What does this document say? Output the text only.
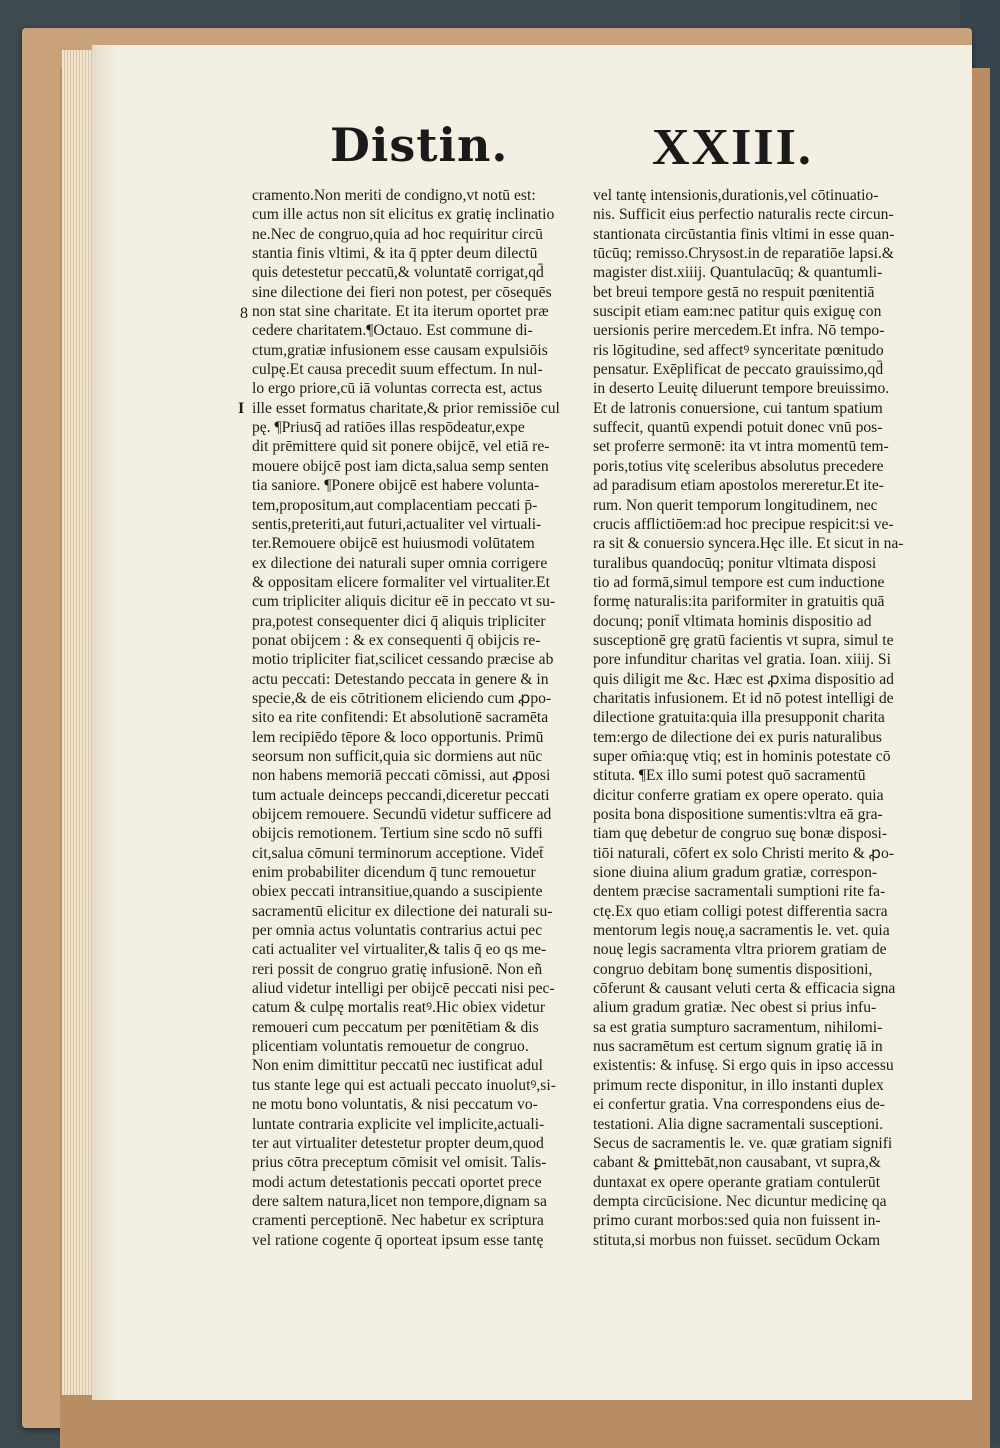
Distin.	XXIII.
8
I
cramento.Non meriti de condigno,vt notū est:
cum ille actus non sit elicitus ex gratię inclinatio
ne.Nec de congruo,quia ad hoc requiritur circū
stantia finis vltimi, & ita q̄ ppter deum dilectū
quis detestetur peccatū,& voluntatē corrigat,qd̄
sine dilectione dei fieri non potest, per cōsequēs
non stat sine charitate. Et ita iterum oportet præ
cedere charitatem.¶Octauo. Est commune di-
ctum,gratiæ infusionem esse causam expulsiōis
culpę.Et causa precedit suum effectum. In nul-
lo ergo priore,cū iā voluntas correcta est, actus
ille esset formatus charitate,& prior remissiōe cul
pę. ¶Priusq̄ ad ratiōes illas respōdeatur,expe
dit prēmittere quid sit ponere obijcē, vel etiā re-
mouere obijcē post iam dicta,salua semp senten
tia saniore. ¶Ponere obijcē est habere volunta-
tem,propositum,aut complacentiam peccati p̄-
sentis,preteriti,aut futuri,actualiter vel virtuali-
ter.Remouere obijcē est huiusmodi volūtatem
ex dilectione dei naturali super omnia corrigere
& oppositam elicere formaliter vel virtualiter.Et
cum tripliciter aliquis dicitur eē in peccato vt su-
pra,potest consequenter dici q̄ aliquis tripliciter
ponat obijcem : & ex consequenti q̄ obijcis re-
motio tripliciter fiat,scilicet cessando præcise ab
actu peccati: Detestando peccata in genere & in
specie,& de eis cōtritionem eliciendo cum ꝓpo-
sito ea rite confitendi: Et absolutionē sacramēta
lem recipiēdo tēpore & loco opportunis. Primū
seorsum non sufficit,quia sic dormiens aut nūc
non habens memoriā peccati cōmissi, aut ꝓposi
tum actuale deinceps peccandi,diceretur peccati
obijcem remouere. Secundū videtur sufficere ad
obijcis remotionem. Tertium sine scdo nō suffi
cit,salua cōmuni terminorum acceptione. Videt̄
enim probabiliter dicendum q̄ tunc remouetur
obiex peccati intransitiue,quando a suscipiente
sacramentū elicitur ex dilectione dei naturali su-
per omnia actus voluntatis contrarius actui pec
cati actualiter vel virtualiter,& talis q̄ eo qs me-
reri possit de congruo gratię infusionē. Non eñ
aliud videtur intelligi per obijcē peccati nisi pec-
catum & culpę mortalis reatꝰ.Hic obiex videtur
remoueri cum peccatum per pœnitētiam & dis
plicentiam voluntatis remouetur de congruo.
Non enim dimittitur peccatū nec iustificat adul
tus stante lege qui est actuali peccato inuolutꝰ,si-
ne motu bono voluntatis, & nisi peccatum vo-
luntate contraria explicite vel implicite,actuali-
ter aut virtualiter detestetur propter deum,quod
prius cōtra preceptum cōmisit vel omisit. Talis-
modi actum detestationis peccati oportet prece
dere saltem natura,licet non tempore,dignam sa
cramenti perceptionē. Nec habetur ex scriptura
vel ratione cogente q̄ oporteat ipsum esse tantę
vel tantę intensionis,durationis,vel cōtinuatio-
nis. Sufficit eius perfectio naturalis recte circun-
stantionata circūstantia finis vltimi in esse quan-
tūcūq; remisso.Chrysost.in de reparatiōe lapsi.&
magister dist.xiiij. Quantulacūq; & quantumli-
bet breui tempore gestā no respuit pœnitentiā
suscipit etiam eam:nec patitur quis exiguę con
uersionis perire mercedem.Et infra. Nō tempo-
ris lōgitudine, sed affectꝰ synceritate pœnitudo
pensatur. Exēplificat de peccato grauissimo,qd̄
in deserto Leuitę diluerunt tempore breuissimo.
Et de latronis conuersione, cui tantum spatium
suffecit, quantū expendi potuit donec vnū pos-
set proferre sermonē: ita vt intra momentū tem-
poris,totius vitę sceleribus absolutus precedere
ad paradisum etiam apostolos mereretur.Et ite-
rum. Non querit temporum longitudinem, nec
crucis afflictiōem:ad hoc precipue respicit:si ve-
ra sit & conuersio syncera.Hęc ille. Et sicut in na-
turalibus quandocūq; ponitur vltimata disposi
tio ad formā,simul tempore est cum inductione
formę naturalis:ita pariformiter in gratuitis quā
docunq; ponit̄ vltimata hominis dispositio ad
susceptionē grę gratū facientis vt supra, simul te
pore infunditur charitas vel gratia. Ioan. xiiij. Si
quis diligit me &c. Hæc est ꝓxima dispositio ad
charitatis infusionem. Et id nō potest intelligi de
dilectione gratuita:quia illa presupponit charita
tem:ergo de dilectione dei ex puris naturalibus
super om̄ia:quę vtiq; est in hominis potestate cō
stituta. ¶Ex illo sumi potest quō sacramentū
dicitur conferre gratiam ex opere operato. quia
posita bona dispositione sumentis:vltra eā gra-
tiam quę debetur de congruo suę bonæ disposi-
tiōi naturali, cōfert ex solo Christi merito & ꝓo-
sione diuina alium gradum gratiæ, correspon-
dentem præcise sacramentali sumptioni rite fa-
ctę.Ex quo etiam colligi potest differentia sacra
mentorum legis nouę,a sacramentis le. vet. quia
nouę legis sacramenta vltra priorem gratiam de
congruo debitam bonę sumentis dispositioni,
cōferunt & causant veluti certa & efficacia signa
alium gradum gratiæ. Nec obest si prius infu-
sa est gratia sumpturo sacramentum, nihilomi-
nus sacramētum est certum signum gratię iā in
existentis: & infusę. Si ergo quis in ipso accessu
primum recte disponitur, in illo instanti duplex
ei confertur gratia. Vna correspondens eius de-
testationi. Alia digne sacramentali susceptioni.
Secus de sacramentis le. ve. quæ gratiam signifi
cabant & ꝑmittebāt,non causabant, vt supra,&
duntaxat ex opere operante gratiam contulerūt
dempta circūcisione. Nec dicuntur medicinę qa
primo curant morbos:sed quia non fuissent in-
stituta,si morbus non fuisset. secūdum Ockam
